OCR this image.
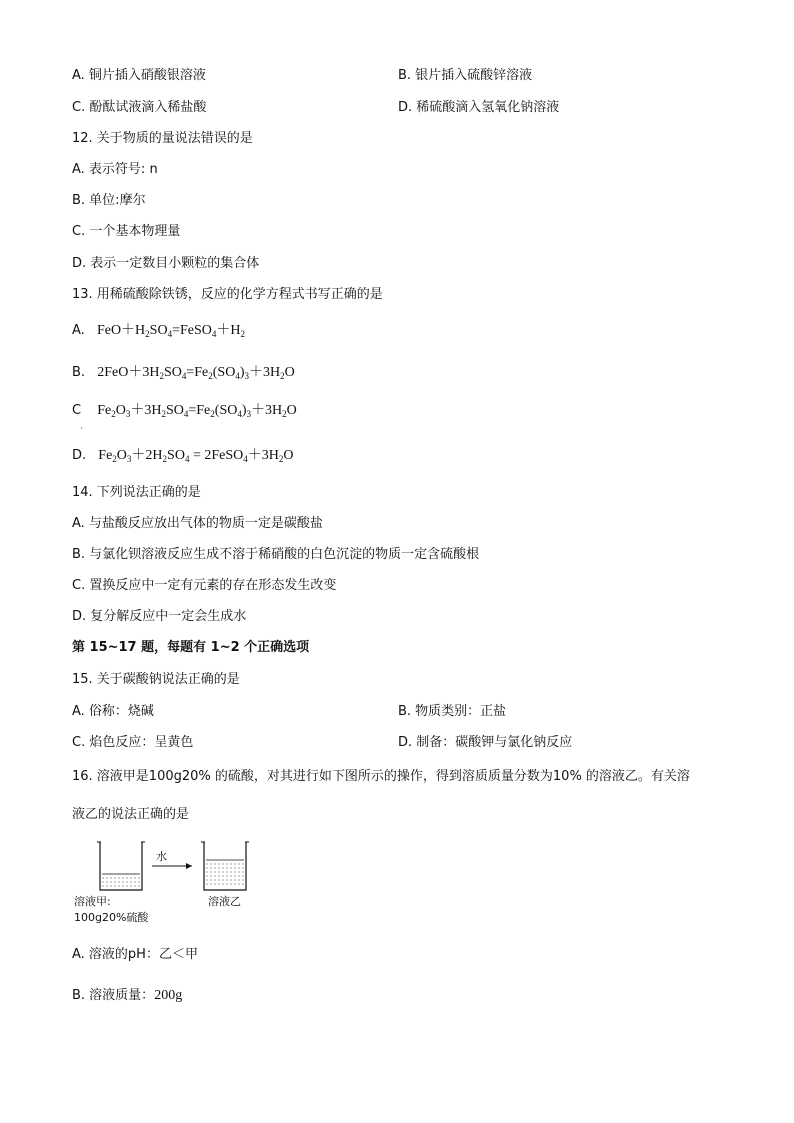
A. 铜片插入硝酸银溶液	B. 银片插入硫酸锌溶液
C. 酚酞试液滴入稀盐酸	D. 稀硫酸滴入氢氧化钠溶液
12. 关于物质的量说法错误的是
A. 表示符号: n
B. 单位:摩尔
C. 一个基本物理量
D. 表示一定数目小颗粒的集合体
13. 用稀硫酸除铁锈，反应的化学方程式书写正确的是
A. $FeO+H_2SO_4=FeSO_4+H_2$
B. $2FeO+3H_2SO_4=Fe_2(SO_4)_3+3H_2O$
C $Fe_2O_3+3H_2SO_4=Fe_2(SO_4)_3+3H_2O$
·
D. $Fe_2O_3+2H_2SO_4$ = $2FeSO_4+3H_2O$
14. 下列说法正确的是
A. 与盐酸反应放出气体的物质一定是碳酸盐
B. 与氯化钡溶液反应生成不溶于稀硝酸的白色沉淀的物质一定含硫酸根
C. 置换反应中一定有元素的存在形态发生改变
D. 复分解反应中一定会生成水
第 15~17 题，每题有 1~2 个正确选项
15. 关于碳酸钠说法正确的是
A. 俗称：烧碱	B. 物质类别：正盐
C. 焰色反应：呈黄色	D. 制备：碳酸钾与氯化钠反应
16. 溶液甲是100g20% 的硫酸，对其进行如下图所示的操作，得到溶质质量分数为10% 的溶液乙。有关溶
液乙的说法正确的是
水
溶液甲:
100g20%硫酸
溶液乙
A. 溶液的pH：乙＜甲
B. 溶液质量：200g
